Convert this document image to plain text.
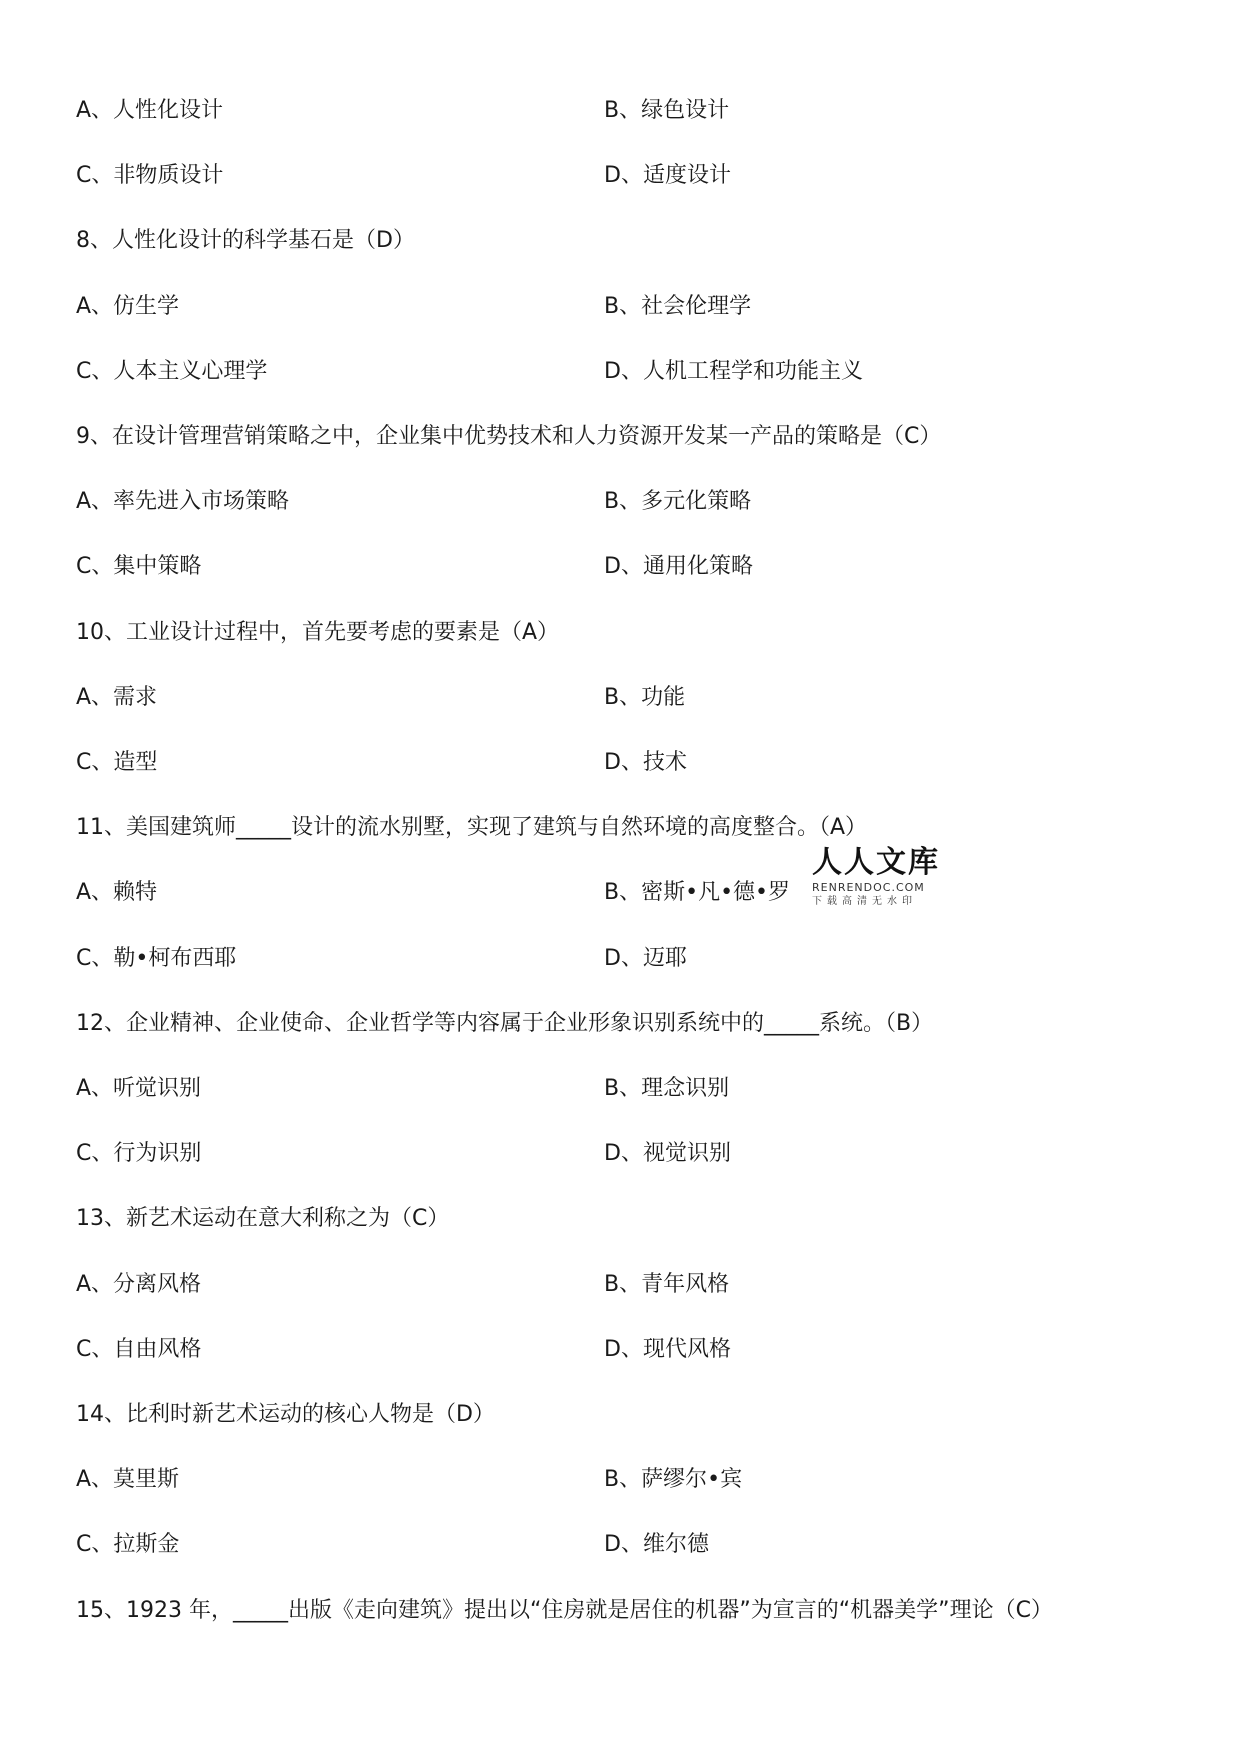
A、人性化设计	B、绿色设计
C、非物质设计	D、适度设计
8、人性化设计的科学基石是（D）
A、仿生学	B、社会伦理学
C、人本主义心理学	D、人机工程学和功能主义
9、在设计管理营销策略之中，企业集中优势技术和人力资源开发某一产品的策略是（C）
A、率先进入市场策略	B、多元化策略
C、集中策略	D、通用化策略
10、工业设计过程中，首先要考虑的要素是（A）
A、需求	B、功能
C、造型	D、技术
11、美国建筑师_____设计的流水别墅，实现了建筑与自然环境的高度整合。（A）
A、赖特	B、密斯•凡•德•罗
C、勒•柯布西耶	D、迈耶
12、企业精神、企业使命、企业哲学等内容属于企业形象识别系统中的_____系统。（B）
A、听觉识别	B、理念识别
C、行为识别	D、视觉识别
13、新艺术运动在意大利称之为（C）
A、分离风格	B、青年风格
C、自由风格	D、现代风格
14、比利时新艺术运动的核心人物是（D）
A、莫里斯	B、萨缪尔•宾
C、拉斯金	D、维尔德
15、1923 年，_____出版《走向建筑》提出以“住房就是居住的机器”为宣言的“机器美学”理论（C）
人人文库
RENRENDOC.COM
下载高清无水印
